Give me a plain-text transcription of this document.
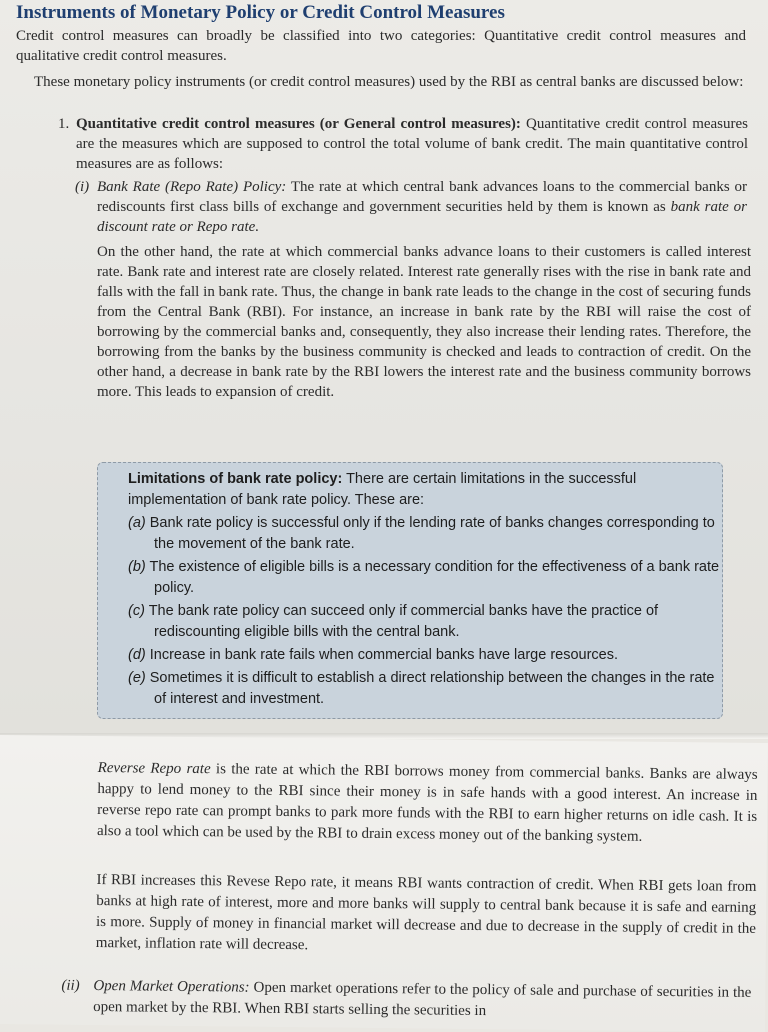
Reverse Repo rate is the rate at which the RBI borrows money from commercial banks. Banks are always happy to lend money to the RBI since their money is in safe hands with a good interest. An increase in reverse repo rate can prompt banks to park more funds with the RBI to earn higher returns on idle cash. It is also a tool which can be used by the RBI to drain excess money out of the banking system.

If RBI increases this Revese Repo rate, it means RBI wants contraction of credit. When RBI gets loan from banks at high rate of interest, more and more banks will supply to central bank because it is safe and earning is more. Supply of money in financial market will decrease and due to decrease in the supply of credit in the market, inflation rate will decrease.

(ii) Open Market Operations: Open market operations refer to the policy of sale and purchase of securities in the open market by the RBI. When RBI starts selling the securities in

Instruments of Monetary Policy or Credit Control Measures

Credit control measures can broadly be classified into two categories: Quantitative credit control measures and qualitative credit control measures.

These monetary policy instruments (or credit control measures) used by the RBI as central banks are discussed below:

1. Quantitative credit control measures (or General control measures): Quantitative credit control measures are the measures which are supposed to control the total volume of bank credit. The main quantitative control measures are as follows:

(i) Bank Rate (Repo Rate) Policy: The rate at which central bank advances loans to the commercial banks or rediscounts first class bills of exchange and government securities held by them is known as bank rate or discount rate or Repo rate.

On the other hand, the rate at which commercial banks advance loans to their customers is called interest rate. Bank rate and interest rate are closely related. Interest rate generally rises with the rise in bank rate and falls with the fall in bank rate. Thus, the change in bank rate leads to the change in the cost of securing funds from the Central Bank (RBI). For instance, an increase in bank rate by the RBI will raise the cost of borrowing by the commercial banks and, consequently, they also increase their lending rates. Therefore, the borrowing from the banks by the business community is checked and leads to contraction of credit. On the other hand, a decrease in bank rate by the RBI lowers the interest rate and the business community borrows more. This leads to expansion of credit.

Limitations of bank rate policy: There are certain limitations in the successful implementation of bank rate policy. These are:

(a) Bank rate policy is successful only if the lending rate of banks changes corresponding to the movement of the bank rate.

(b) The existence of eligible bills is a necessary condition for the effectiveness of a bank rate policy.

(c) The bank rate policy can succeed only if commercial banks have the practice of rediscounting eligible bills with the central bank.

(d) Increase in bank rate fails when commercial banks have large resources.

(e) Sometimes it is difficult to establish a direct relationship between the changes in the rate of interest and investment.
